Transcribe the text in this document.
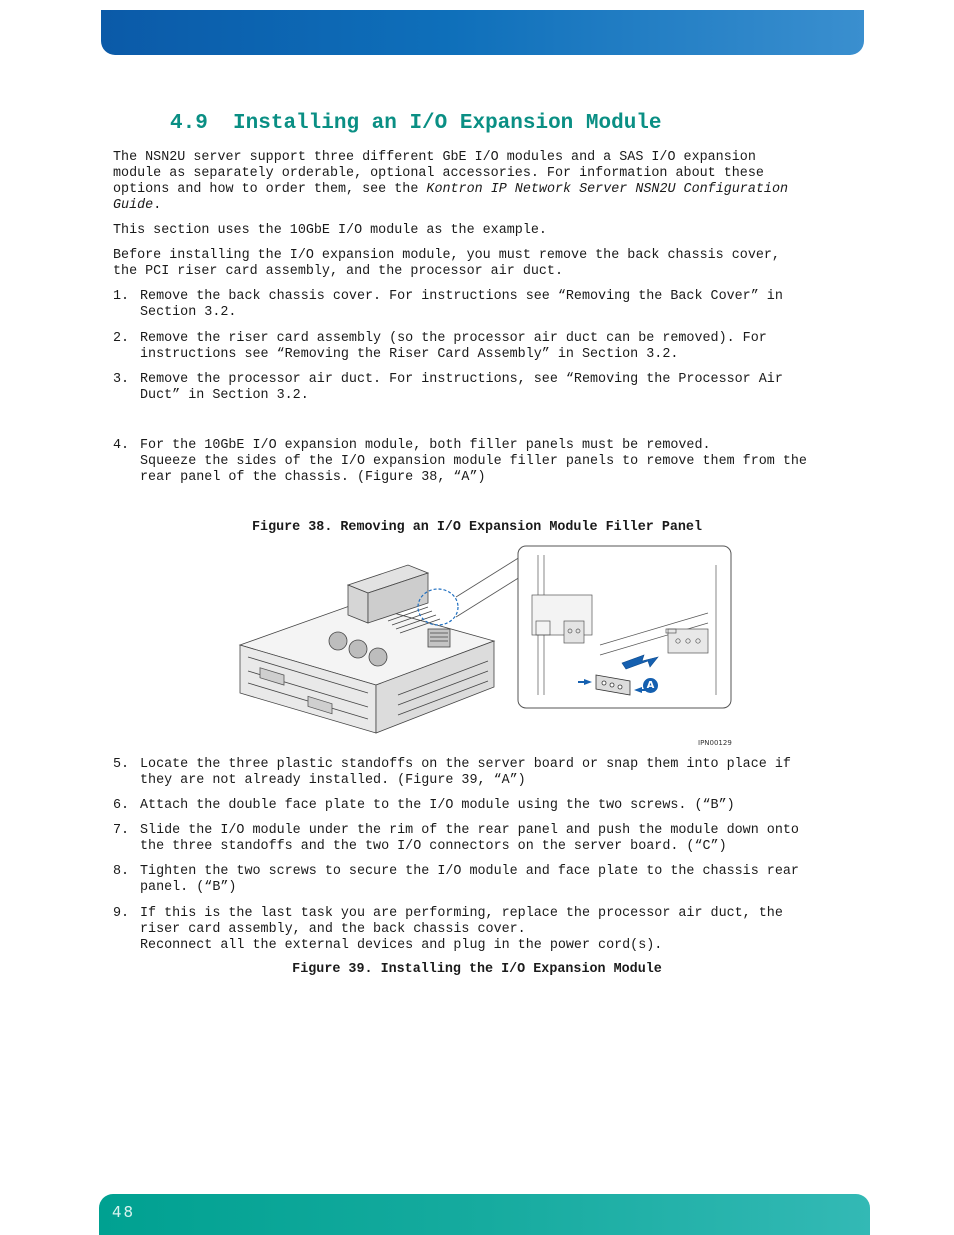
4.9 Installing an I/O Expansion Module
The NSN2U server support three different GbE I/O modules and a SAS I/O expansion
module as separately orderable, optional accessories. For information about these
options and how to order them, see the Kontron IP Network Server NSN2U Configuration
Guide.
This section uses the 10GbE I/O module as the example.
Before installing the I/O expansion module, you must remove the back chassis cover,
the PCI riser card assembly, and the processor air duct.

1.

Remove the back chassis cover. For instructions see “Removing the Back Cover” in
Section 3.2.

2.

Remove the riser card assembly (so the processor air duct can be removed). For
instructions see “Removing the Riser Card Assembly” in Section 3.2.

3.

Remove the processor air duct. For instructions, see “Removing the Processor Air
Duct” in Section 3.2.

4.

For the 10GbE I/O expansion module, both filler panels must be removed.
Squeeze the sides of the I/O expansion module filler panels to remove them from the
rear panel of the chassis. (Figure 38, “A”)

Figure 38. Removing an I/O Expansion Module Filler Panel
A
IPN00129

5.

Locate the three plastic standoffs on the server board or snap them into place if
they are not already installed. (Figure 39, “A”)

6.

Attach the double face plate to the I/O module using the two screws. (“B”)

7.

Slide the I/O module under the rim of the rear panel and push the module down onto
the three standoffs and the two I/O connectors on the server board. (“C”)

8.

Tighten the two screws to secure the I/O module and face plate to the chassis rear
panel. (“B”)

9.

If this is the last task you are performing, replace the processor air duct, the
riser card assembly, and the back chassis cover.
Reconnect all the external devices and plug in the power cord(s).

Figure 39. Installing the I/O Expansion Module
48
